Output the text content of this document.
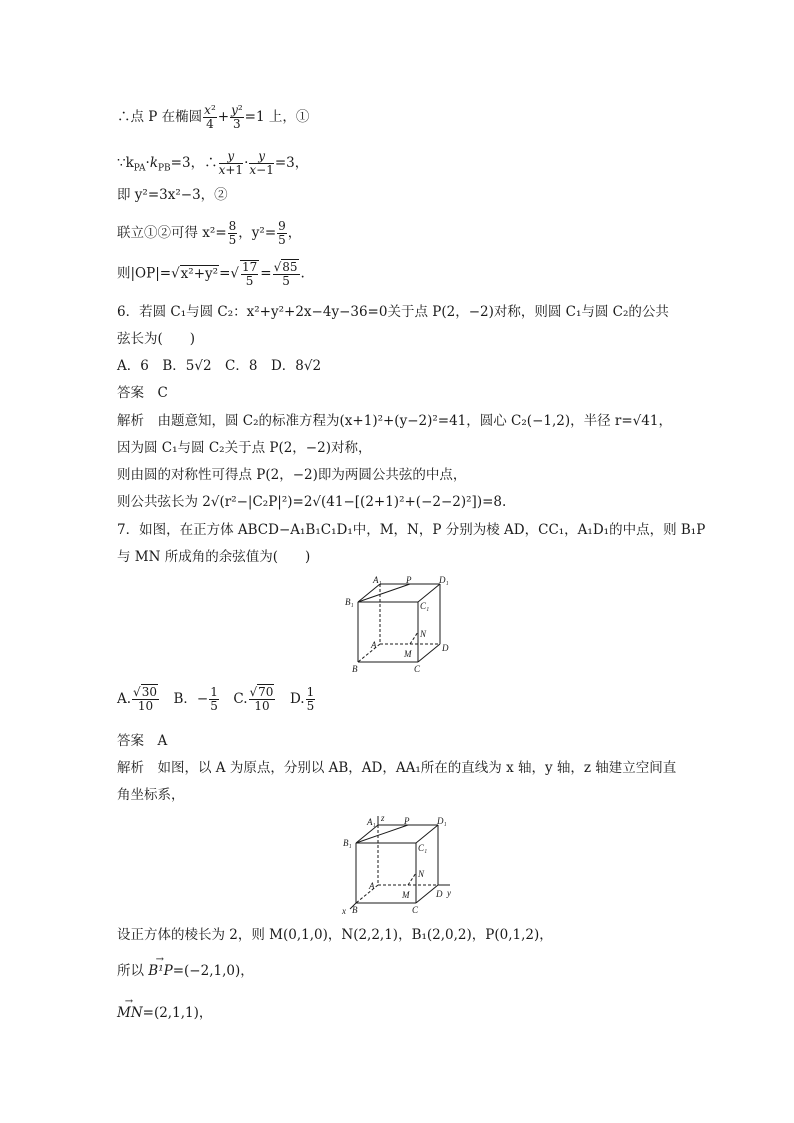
∴点 P 在椭圆 $\frac{\text{x²}}{4} + \frac{\text{y²}}{3} =1$ 上，①
$\because k_{PA}\cdot k_{PB}=3$，∴ $\frac{y}{x+1} \cdot \frac{y}{x-1} =3$，
即 y²=3x²−3，②
联立①②可得 $x^2= \frac{8}{5}$ ，$y^2= \frac{9}{5}$ ，
则$|OP|=√x^2+y^2=√ \frac{17}{5} = \frac{√85}{5}$ .
6．若圆 C₁与圆 C₂：x²+y²+2x−4y−36=0关于点 P(2，−2)对称，则圆 C₁与圆 C₂的公共
弦长为(　　)
A．6　B．5√2　C．8　D．8√2
答案　C
解析　由题意知，圆 C₂的标准方程为(x+1)²+(y−2)²=41，圆心 C₂(−1,2)，半径 r=√41，
因为圆 C₁与圆 C₂关于点 P(2，−2)对称，
则由圆的对称性可得点 P(2，−2)即为两圆公共弦的中点，
则公共弦长为 2√(r²−|C₂P|²)=2√(41−[(2+1)²+(−2−2)²])=8.
7．如图，在正方体 ABCD−A₁B₁C₁D₁中，M，N，P 分别为棱 AD，CC₁，A₁D₁的中点，则 B₁P
与 MN 所成角的余弦值为(　　)
A₁	P	D₁
B₁	C₁
N
A
M
D
B	C
A. $\frac{√30}{10}$
　 B．− $\frac{1}{5}$
　 C. $\frac{√70}{10}$
　 D. $\frac{1}{5}$
答案　A
解析　如图，以 A 为原点，分别以 AB，AD，AA₁所在的直线为 x 轴，y 轴，z 轴建立空间直
角坐标系，
z
A₁	P	D₁
B₁	C₁
N
A
M	D y
x B	C
设正方体的棱长为 2，则 M(0,1,0)，N(2,2,1)，B₁(2,0,2)，P(0,1,2)，
所以 → B¹P=(−2,1,0)，
→ MN=(2,1,1)，
